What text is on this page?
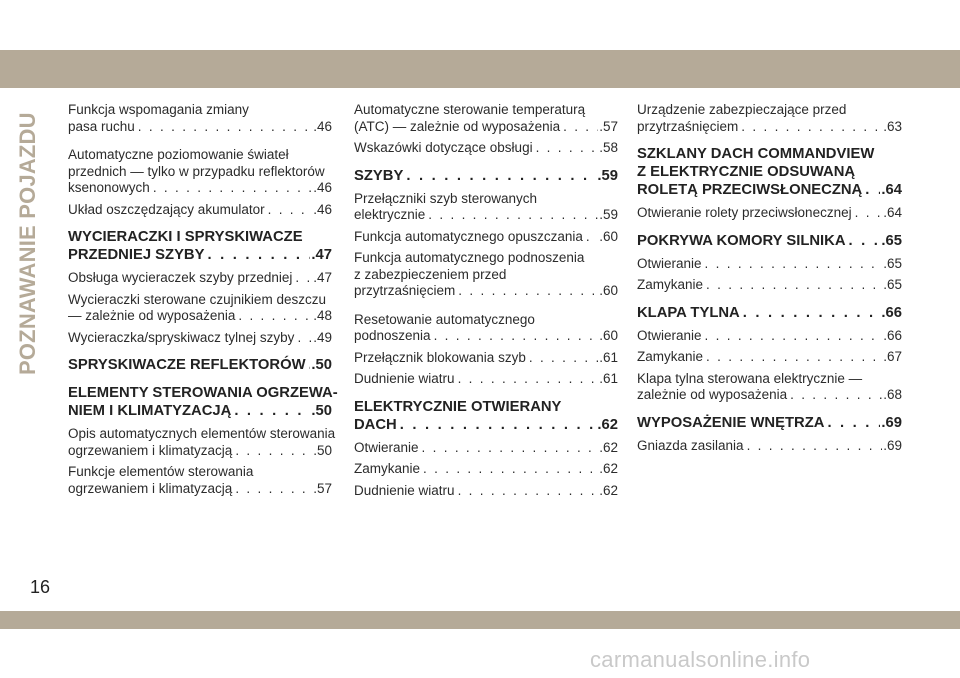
POZNAWANIE POJAZDU
Funkcja wspomagania zmiany
pasa ruchu . . .	.46
Automatyczne poziomowanie świateł
przednich — tylko w przypadku reflektorów
ksenonowych . . .	.46
Układ oszczędzający akumulator . . .	.46
WYCIERACZKI I SPRYSKIWACZE
PRZEDNIEJ SZYBY . . .	.47
Obsługa wycieraczek szyby przedniej . . . .47
Wycieraczki sterowane czujnikiem deszczu
— zależnie od wyposażenia . . .	.48
Wycieraczka/spryskiwacz tylnej szyby . . . .49
SPRYSKIWACZE REFLEKTORÓW . . . .50
ELEMENTY STEROWANIA OGRZEWA-
NIEM I KLIMATYZACJĄ . . .	.50
Opis automatycznych elementów sterowania
ogrzewaniem i klimatyzacją . . .	.50
Funkcje elementów sterowania
ogrzewaniem i klimatyzacją . . .	.57
Automatyczne sterowanie temperaturą
(ATC) — zależnie od wyposażenia . . .	.57
Wskazówki dotyczące obsługi . . .	.58
SZYBY . . .	.59
Przełączniki szyb sterowanych
elektrycznie . . .	.59
Funkcja automatycznego opuszczania . . . .60
Funkcja automatycznego podnoszenia
z zabezpieczeniem przed
przytrzaśnięciem . . .	.60
Resetowanie automatycznego
podnoszenia . . .	.60
Przełącznik blokowania szyb . . .	.61
Dudnienie wiatru . . .	.61
ELEKTRYCZNIE OTWIERANY
DACH . . .	.62
Otwieranie . . .	.62
Zamykanie . . .	.62
Dudnienie wiatru . . .	.62
Urządzenie zabezpieczające przed
przytrzaśnięciem . . .	.63
SZKLANY DACH COMMANDVIEW
Z ELEKTRYCZNIE ODSUWANĄ
ROLETĄ PRZECIWSŁONECZNĄ . . . .64
Otwieranie rolety przeciwsłonecznej . . . .64
POKRYWA KOMORY SILNIKA . . . .65
Otwieranie . . .	.65
Zamykanie . . .	.65
KLAPA TYLNA . . .	.66
Otwieranie . . .	.66
Zamykanie . . .	.67
Klapa tylna sterowana elektrycznie —
zależnie od wyposażenia . . .	.68
WYPOSAŻENIE WNĘTRZA . . .	.69
Gniazda zasilania . . .	.69
16
carmanualsonline.info
